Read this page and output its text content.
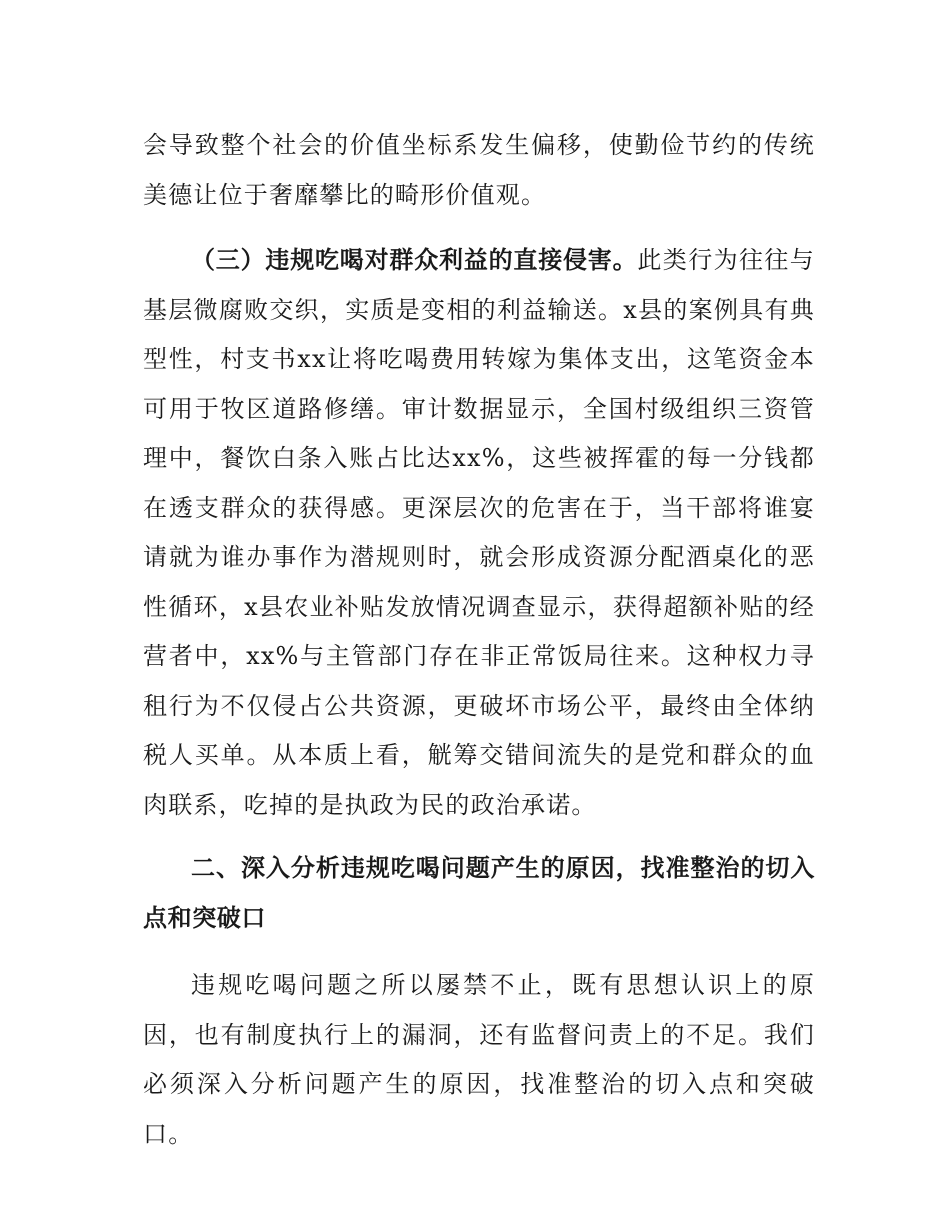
会导致整个社会的价值坐标系发生偏移，使勤俭节约的传统美德让位于奢靡攀比的畸形价值观。

（三）违规吃喝对群众利益的直接侵害。此类行为往往与基层微腐败交织，实质是变相的利益输送。x县的案例具有典型性，村支书xx让将吃喝费用转嫁为集体支出，这笔资金本可用于牧区道路修缮。审计数据显示，全国村级组织三资管理中，餐饮白条入账占比达xx%，这些被挥霍的每一分钱都在透支群众的获得感。更深层次的危害在于，当干部将谁宴请就为谁办事作为潜规则时，就会形成资源分配酒桌化的恶性循环，x县农业补贴发放情况调查显示，获得超额补贴的经营者中，xx%与主管部门存在非正常饭局往来。这种权力寻租行为不仅侵占公共资源，更破坏市场公平，最终由全体纳税人买单。从本质上看，觥筹交错间流失的是党和群众的血肉联系，吃掉的是执政为民的政治承诺。

二、深入分析违规吃喝问题产生的原因，找准整治的切入点和突破口

违规吃喝问题之所以屡禁不止，既有思想认识上的原因，也有制度执行上的漏洞，还有监督问责上的不足。我们必须深入分析问题产生的原因，找准整治的切入点和突破口。
